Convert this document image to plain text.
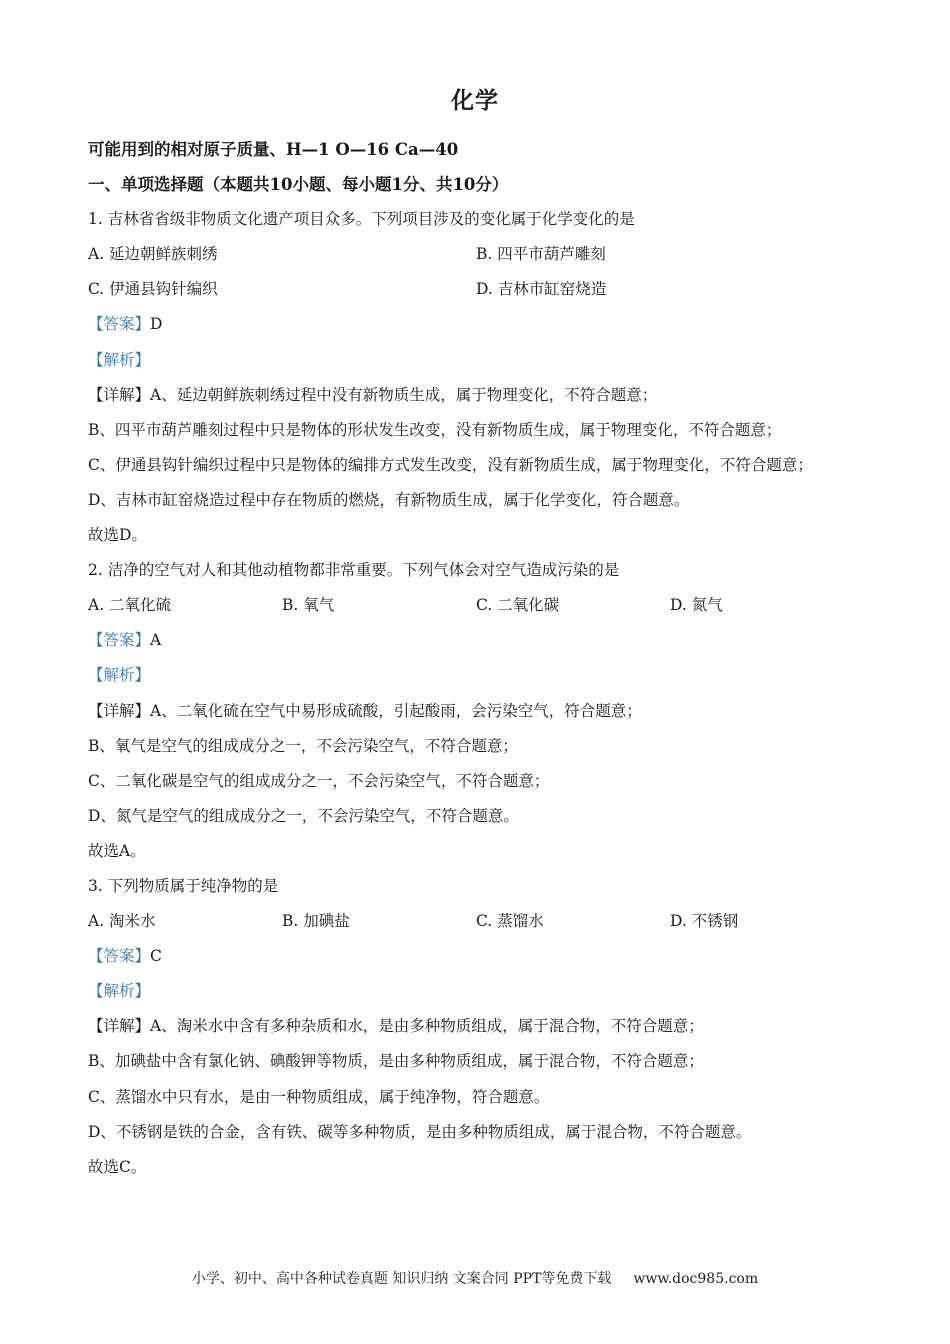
化学
可能用到的相对原子质量、H—1 O—16 Ca—40
一、单项选择题（本题共10小题、每小题1分、共10分）
1. 吉林省省级非物质文化遗产项目众多。下列项目涉及的变化属于化学变化的是
A. 延边朝鲜族刺绣	B. 四平市葫芦雕刻
C. 伊通县钩针编织	D. 吉林市缸窑烧造
【答案】D
【解析】
【详解】A、延边朝鲜族刺绣过程中没有新物质生成，属于物理变化，不符合题意；
B、四平市葫芦雕刻过程中只是物体的形状发生改变，没有新物质生成，属于物理变化，不符合题意；
C、伊通县钩针编织过程中只是物体的编排方式发生改变，没有新物质生成，属于物理变化，不符合题意；
D、吉林市缸窑烧造过程中存在物质的燃烧，有新物质生成，属于化学变化，符合题意。
故选D。
2. 洁净的空气对人和其他动植物都非常重要。下列气体会对空气造成污染的是
A. 二氧化硫	B. 氧气	C. 二氧化碳	D. 氮气
【答案】A
【解析】
【详解】A、二氧化硫在空气中易形成硫酸，引起酸雨，会污染空气，符合题意；
B、氧气是空气的组成成分之一，不会污染空气，不符合题意；
C、二氧化碳是空气的组成成分之一，不会污染空气，不符合题意；
D、氮气是空气的组成成分之一，不会污染空气，不符合题意。
故选A。
3. 下列物质属于纯净物的是
A. 淘米水	B. 加碘盐	C. 蒸馏水	D. 不锈钢
【答案】C
【解析】
【详解】A、淘米水中含有多种杂质和水，是由多种物质组成，属于混合物，不符合题意；
B、加碘盐中含有氯化钠、碘酸钾等物质，是由多种物质组成，属于混合物，不符合题意；
C、蒸馏水中只有水，是由一种物质组成，属于纯净物，符合题意。
D、不锈钢是铁的合金，含有铁、碳等多种物质，是由多种物质组成，属于混合物，不符合题意。
故选C。
小学、初中、高中各种试卷真题 知识归纳 文案合同 PPT等免费下载 www.doc985.com
